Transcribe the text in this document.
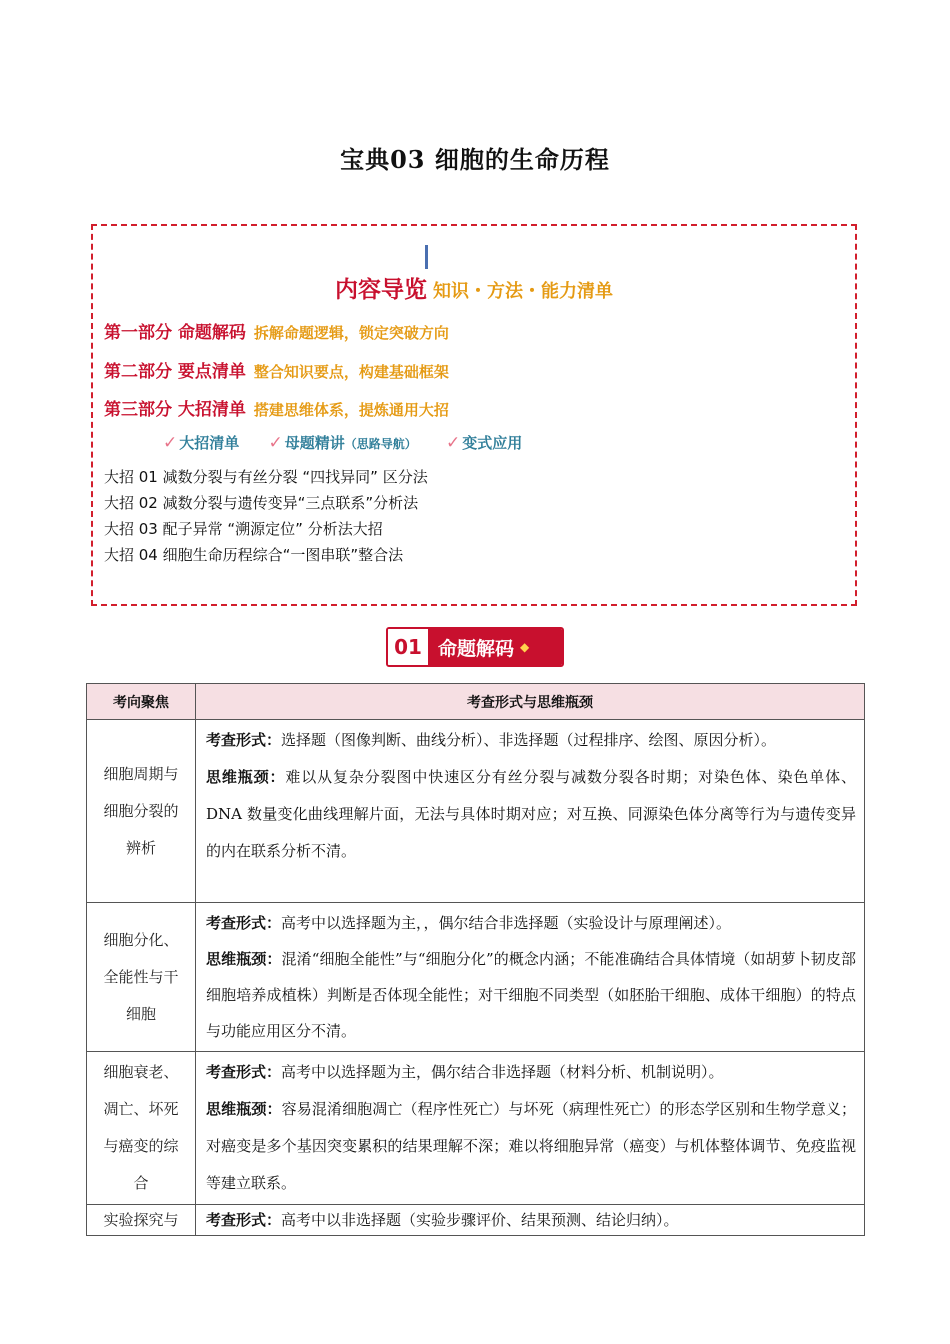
宝典03 细胞的生命历程
内容导览 知识・方法・能力清单
第一部分 命题解码 拆解命题逻辑，锁定突破方向
第二部分 要点清单 整合知识要点，构建基础框架
第三部分 大招清单 搭建思维体系，提炼通用大招
✓ 大招清单 ✓ 母题精讲（思路导航） ✓ 变式应用
大招 01 减数分裂与有丝分裂 “四找异同” 区分法
大招 02 减数分裂与遗传变异“三点联系”分析法
大招 03 配子异常 “溯源定位” 分析法大招
大招 04 细胞生命历程综合“一图串联”整合法
01 命题解码 ◆
考向聚焦	考查形式与思维瓶颈
细胞周期与细胞分裂的辨析	考查形式：选择题（图像判断、曲线分析）、非选择题（过程排序、绘图、原因分析）。
思维瓶颈：难以从复杂分裂图中快速区分有丝分裂与减数分裂各时期；对染色体、染色单体、DNA 数量变化曲线理解片面，无法与具体时期对应；对互换、同源染色体分离等行为与遗传变异的内在联系分析不清。

细胞分化、全能性与干细胞	考查形式：高考中以选择题为主，，偶尔结合非选择题（实验设计与原理阐述）。
思维瓶颈：混淆“细胞全能性”与“细胞分化”的概念内涵；不能准确结合具体情境（如胡萝卜韧皮部细胞培养成植株）判断是否体现全能性；对干细胞不同类型（如胚胎干细胞、成体干细胞）的特点与功能应用区分不清。

细胞衰老、凋亡、坏死与癌变的综合	考查形式：高考中以选择题为主，偶尔结合非选择题（材料分析、机制说明）。
思维瓶颈：容易混淆细胞凋亡（程序性死亡）与坏死（病理性死亡）的形态学区别和生物学意义；对癌变是多个基因突变累积的结果理解不深；难以将细胞异常（癌变）与机体整体调节、免疫监视等建立联系。

实验探究与	考查形式：高考中以非选择题（实验步骤评价、结果预测、结论归纳）。
